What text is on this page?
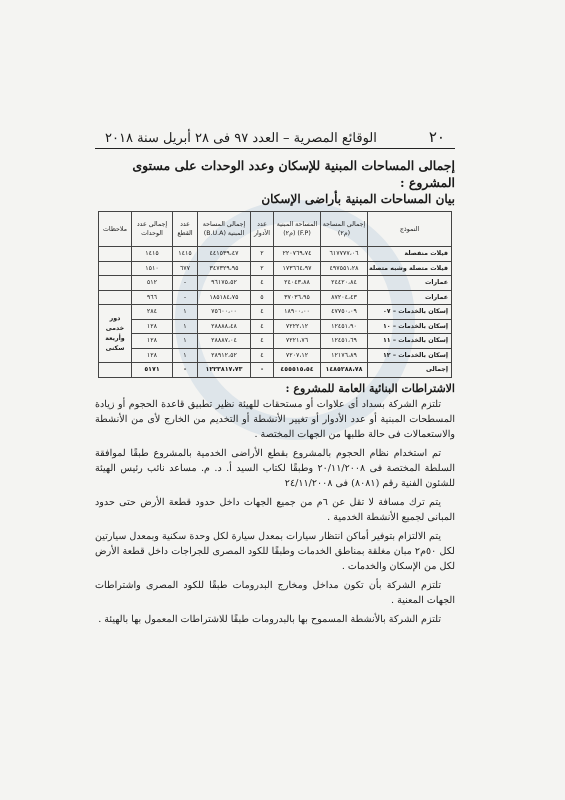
٢٠
الوقائع المصرية – العدد ٩٧ فى ٢٨ أبريل سنة ٢٠١٨
إجمالى المساحات المبنية للإسكان وعدد الوحدات على مستوى المشروع :
بيان المساحات المبنية بأراضى الإسكان
النموذج	إجمالى المساحة (م٢)	المساحة المبنية (F.P) (م٢)	عدد الأدوار	إجمالى المساحة المبنية (B.U.A)	عدد القطع	إجمالى عدد الوحدات	ملاحظات
فيلات منفصلة	٦١٧٧٧٧،٠٦	٢٢٠٧٦٩،٧٤	٢	٤٤١٥٣٩،٤٧	١٤١٥	١٤١٥	
فيلات متصلة وشبه متصلة	٤٩٧٥٥١،٢٨	١٧٣٦٦٤،٩٧	٢	٣٤٧٣٢٩،٩٥	٦٧٧	١٥١٠	
عمارات	٢٤٤٢٠،٨٤	٢٤٠٤٣،٨٨	٤	٩٦١٧٥،٥٢	-	٥١٢	
عمارات	٨٧٢٠٤،٤٣	٣٧٠٣٦،٩٥	٥	١٨٥١٨٤،٧٥	-	٩٦٦	
إسكان بالخدمات – ٠٧	٤٧٧٥٠،٠٩	١٨٩٠٠،٠٠	٤	٧٥٦٠٠،٠٠	١	٢٨٤	دور خدمى وأربعة سكنى
إسكان بالخدمات – ١٠	١٢٤٥١،٩٠	٧٢٢٢،١٢	٤	٢٨٨٨٨،٤٨	١	١٢٨	
إسكان بالخدمات – ١١	١٢٤٥١،٦٩	٧٢٢١،٧٦	٤	٢٨٨٨٧،٠٤	١	١٢٨	
إسكان بالخدمات – ١٢	١٢١٧٦،٨٩	٧٢٠٧،١٢	٤	٢٨٩١٢،٥٢	١	١٢٨	
إجمالى	١٤٨٥٢٨٨،٧٨	٤٥٥٥١٥،٥٤	-	١٢٢٣٨١٧،٧٣	-	٥١٧١	
الاشتراطات البنائية العامة للمشروع :

تلتزم الشركة بسداد أى علاوات أو مستحقات للهيئة نظير تطبيق قاعدة الحجوم أو زيادة المسطحات المبنية أو عدد الأدوار أو تغيير الأنشطة أو التخديم من الخارج لأى من الأنشطة والاستعمالات فى حالة طلبها من الجهات المختصة .

تم استخدام نظام الحجوم بالمشروع بقطع الأراضى الخدمية بالمشروع طبقًا لموافقة السلطة المختصة فى ٢٠/١١/٢٠٠٨ وطبقًا لكتاب السيد أ. د. م. مساعد نائب رئيس الهيئة للشئون الفنية رقم (٨٠٨١) فى ٢٤/١١/٢٠٠٨

يتم ترك مسافة لا تقل عن ٦م من جميع الجهات داخل حدود قطعة الأرض حتى حدود المبانى لجميع الأنشطة الخدمية .

يتم الالتزام بتوفير أماكن انتظار سيارات بمعدل سيارة لكل وحدة سكنية وبمعدل سيارتين لكل ٥٠م٢ مبان مغلقة بمناطق الخدمات وطبقًا للكود المصرى للجراجات داخل قطعة الأرض لكل من الإسكان والخدمات .

تلتزم الشركة بأن تكون مداخل ومخارج البدرومات طبقًا للكود المصرى واشتراطات الجهات المعنية .

تلتزم الشركة بالأنشطة المسموح بها بالبدرومات طبقًا للاشتراطات المعمول بها بالهيئة .
